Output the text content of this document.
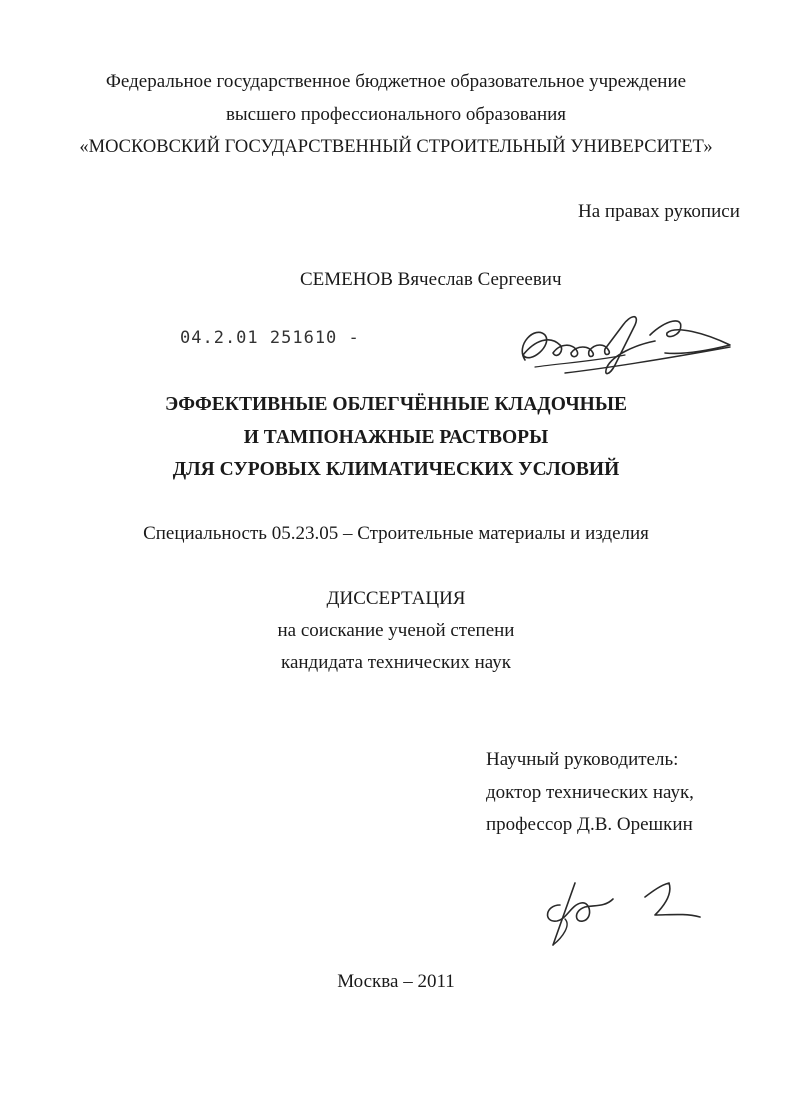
Федеральное государственное бюджетное образовательное учреждение
высшего профессионального образования
«МОСКОВСКИЙ ГОСУДАРСТВЕННЫЙ СТРОИТЕЛЬНЫЙ УНИВЕРСИТЕТ»
На правах рукописи
СЕМЕНОВ Вячеслав Сергеевич
04.2.01 251610 -
ЭФФЕКТИВНЫЕ ОБЛЕГЧЁННЫЕ КЛАДОЧНЫЕ
И ТАМПОНАЖНЫЕ РАСТВОРЫ
ДЛЯ СУРОВЫХ КЛИМАТИЧЕСКИХ УСЛОВИЙ
Специальность 05.23.05 – Строительные материалы и изделия
ДИССЕРТАЦИЯ
на соискание ученой степени
кандидата технических наук
Научный руководитель:
доктор технических наук,
профессор Д.В. Орешкин
Москва – 2011
